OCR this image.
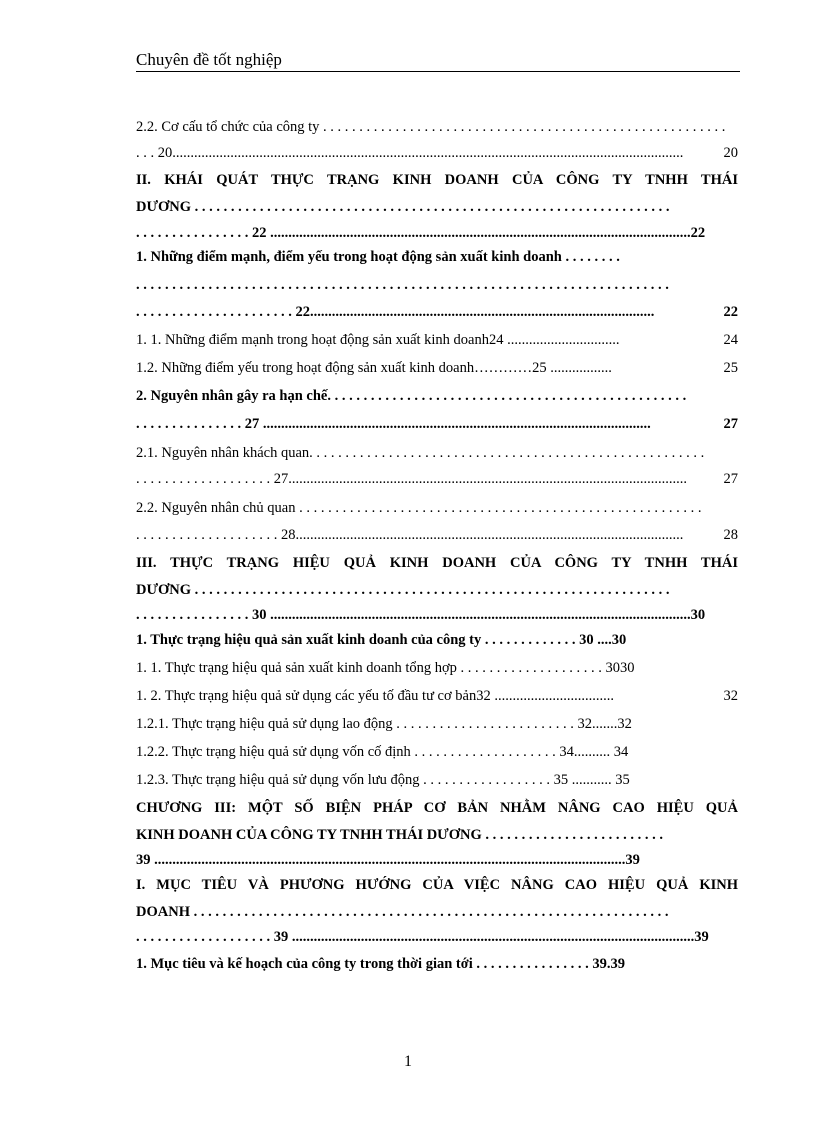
Chuyên đề tốt nghiệp
2.2. Cơ cấu tổ chức của công ty . . . . . . . . . . . . . . . . . . . . . . . . . . . . . . . . . . . . . . . . . . . . . . . . . . . . . . . .
. . . 20.............................................................................................................................................	20
II. KHÁI QUÁT THỰC TRẠNG KINH DOANH CỦA CÔNG TY TNHH THÁI
DƯƠNG . . . . . . . . . . . . . . . . . . . . . . . . . . . . . . . . . . . . . . . . . . . . . . . . . . . . . . . . . . . . . . . . . .
. . . . . . . . . . . . . . . . 22 ....................................................................................................................22
1. Những điểm mạnh, điểm yếu trong hoạt động sản xuất kinh doanh . . . . . . . .
. . . . . . . . . . . . . . . . . . . . . . . . . . . . . . . . . . . . . . . . . . . . . . . . . . . . . . . . . . . . . . . . . . . . . . . . . .
. . . . . . . . . . . . . . . . . . . . . . 22...............................................................................................	22
1. 1. Những điểm mạnh trong hoạt động sản xuất kinh doanh24 ...............................	24
1.2. Những điểm yếu trong hoạt động sản xuất kinh doanh…………25 .................	25
2. Nguyên nhân gây ra hạn chế. . . . . . . . . . . . . . . . . . . . . . . . . . . . . . . . . . . . . . . . . . . . . . . . . .
. . . . . . . . . . . . . . . 27 ...........................................................................................................	27
2.1. Nguyên nhân khách quan. . . . . . . . . . . . . . . . . . . . . . . . . . . . . . . . . . . . . . . . . . . . . . . . . . . . . . .
. . . . . . . . . . . . . . . . . . . 27..............................................................................................................	27
2.2. Nguyên nhân chủ quan . . . . . . . . . . . . . . . . . . . . . . . . . . . . . . . . . . . . . . . . . . . . . . . . . . . . . . . .
. . . . . . . . . . . . . . . . . . . . 28...........................................................................................................	28
III. THỰC TRẠNG HIỆU QUẢ KINH DOANH CỦA CÔNG TY TNHH THÁI
DƯƠNG . . . . . . . . . . . . . . . . . . . . . . . . . . . . . . . . . . . . . . . . . . . . . . . . . . . . . . . . . . . . . . . . . .
. . . . . . . . . . . . . . . . 30 ....................................................................................................................30
1. Thực trạng hiệu quả sản xuất kinh doanh của công ty . . . . . . . . . . . . . 30 ....30
1. 1. Thực trạng hiệu quả sản xuất kinh doanh tổng hợp . . . . . . . . . . . . . . . . . . . . 3030
1. 2. Thực trạng hiệu quả sử dụng các yếu tố đầu tư cơ bản32 .................................	32
1.2.1. Thực trạng hiệu quả sử dụng lao động . . . . . . . . . . . . . . . . . . . . . . . . . 32.......32
1.2.2. Thực trạng hiệu quả sử dụng vốn cố định . . . . . . . . . . . . . . . . . . . . 34.......... 34
1.2.3. Thực trạng hiệu quả sử dụng vốn lưu động . . . . . . . . . . . . . . . . . . 35 ........... 35
CHƯƠNG III: MỘT SỐ BIỆN PHÁP CƠ BẢN NHẰM NÂNG CAO HIỆU QUẢ
KINH DOANH CỦA CÔNG TY TNHH THÁI DƯƠNG . . . . . . . . . . . . . . . . . . . . . . . . .
39 ..................................................................................................................................39
I. MỤC TIÊU VÀ PHƯƠNG HƯỚNG CỦA VIỆC NÂNG CAO HIỆU QUẢ KINH
DOANH . . . . . . . . . . . . . . . . . . . . . . . . . . . . . . . . . . . . . . . . . . . . . . . . . . . . . . . . . . . . . . . . . .
. . . . . . . . . . . . . . . . . . . 39 ...............................................................................................................39
1. Mục tiêu và kế hoạch của công ty trong thời gian tới . . . . . . . . . . . . . . . . 39.39
1
